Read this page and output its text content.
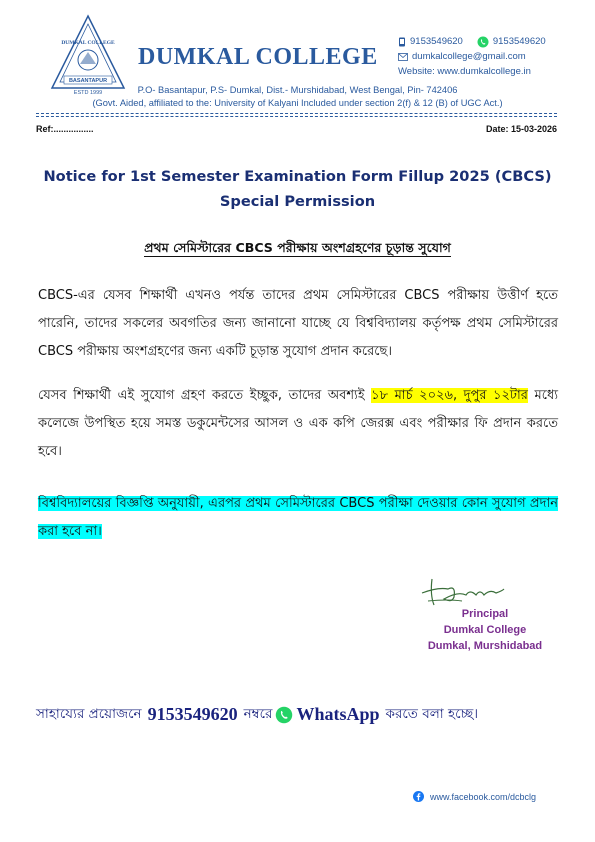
DUMKAL COLLEGE
BASANTAPUR
ESTD 1999
DUMKAL COLLEGE
9153549620	9153549620
dumkalcollege@gmail.com
Website: www.dumkalcollege.in
P.O- Basantapur, P.S- Dumkal, Dist.- Murshidabad, West Bengal, Pin- 742406
(Govt. Aided, affiliated to the: University of Kalyani Included under section 2(f) & 12 (B) of UGC Act.)
Ref:................	Date: 15-03-2026
Notice for 1st Semester Examination Form Fillup 2025 (CBCS)
Special Permission
প্রথম সেমিস্টারের CBCS পরীক্ষায় অংশগ্রহণের চূড়ান্ত সুযোগ
CBCS-এর যেসব শিক্ষার্থী এখনও পর্যন্ত তাদের প্রথম সেমিস্টারের CBCS পরীক্ষায় উত্তীর্ণ হতে পারেনি, তাদের সকলের অবগতির জন্য জানানো যাচ্ছে যে বিশ্ববিদ্যালয় কর্তৃপক্ষ প্রথম সেমিস্টারের CBCS পরীক্ষায় অংশগ্রহণের জন্য একটি চূড়ান্ত সুযোগ প্রদান করেছে।
যেসব শিক্ষার্থী এই সুযোগ গ্রহণ করতে ইচ্ছুক, তাদের অবশ্যই ১৮ মার্চ ২০২৬, দুপুর ১২টার মধ্যে কলেজে উপস্থিত হয়ে সমস্ত ডকুমেন্টসের আসল ও এক কপি জেরক্স এবং পরীক্ষার ফি প্রদান করতে হবে।
বিশ্ববিদ্যালয়ের বিজ্ঞপ্তি অনুযায়ী, এরপর প্রথম সেমিস্টারের CBCS পরীক্ষা দেওয়ার কোন সুযোগ প্রদান করা হবে না।
Principal
Dumkal College
Dumkal, Murshidabad
সাহায্যের প্রয়োজনে 9153549620 নম্বরে WhatsApp করতে বলা হচ্ছে।
www.facebook.com/dcbclg
